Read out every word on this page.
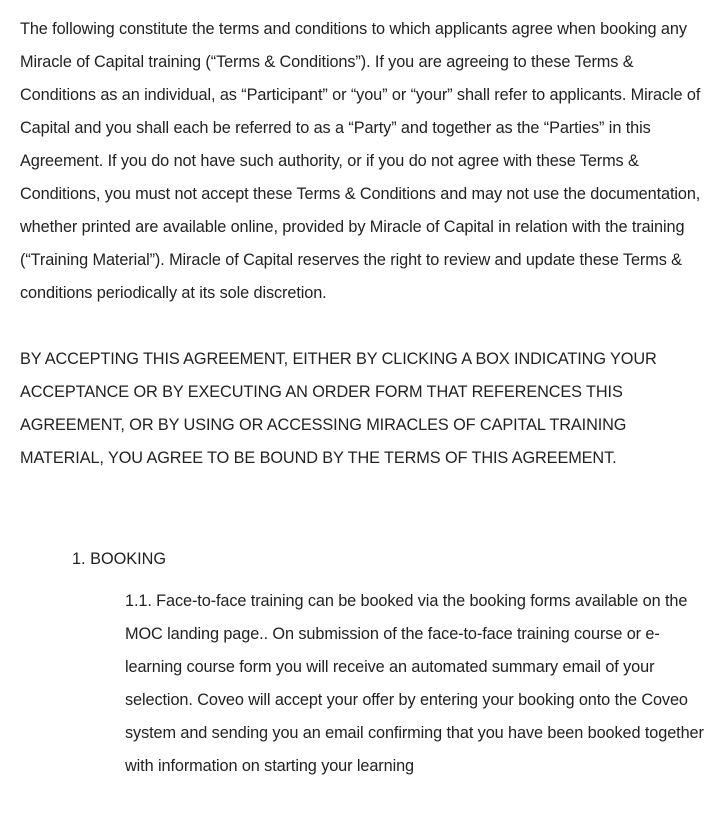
The following constitute the terms and conditions to which applicants agree when booking any Miracle of Capital training (“Terms & Conditions”). If you are agreeing to these Terms & Conditions as an individual, as “Participant” or “you” or “your” shall refer to applicants. Miracle of Capital and you shall each be referred to as a “Party” and together as the “Parties” in this Agreement. If you do not have such authority, or if you do not agree with these Terms & Conditions, you must not accept these Terms & Conditions and may not use the documentation, whether printed are available online, provided by Miracle of Capital in relation with the training (“Training Material”). Miracle of Capital reserves the right to review and update these Terms & conditions periodically at its sole discretion.

BY ACCEPTING THIS AGREEMENT, EITHER BY CLICKING A BOX INDICATING YOUR ACCEPTANCE OR BY EXECUTING AN ORDER FORM THAT REFERENCES THIS AGREEMENT, OR BY USING OR ACCESSING MIRACLES OF CAPITAL TRAINING MATERIAL, YOU AGREE TO BE BOUND BY THE TERMS OF THIS AGREEMENT.

1. BOOKING

1.1. Face-to-face training can be booked via the booking forms available on the MOC landing page.. On submission of the face-to-face training course or e-learning course form you will receive an automated summary email of your selection. Coveo will accept your offer by entering your booking onto the Coveo system and sending you an email confirming that you have been booked together with information on starting your learning
